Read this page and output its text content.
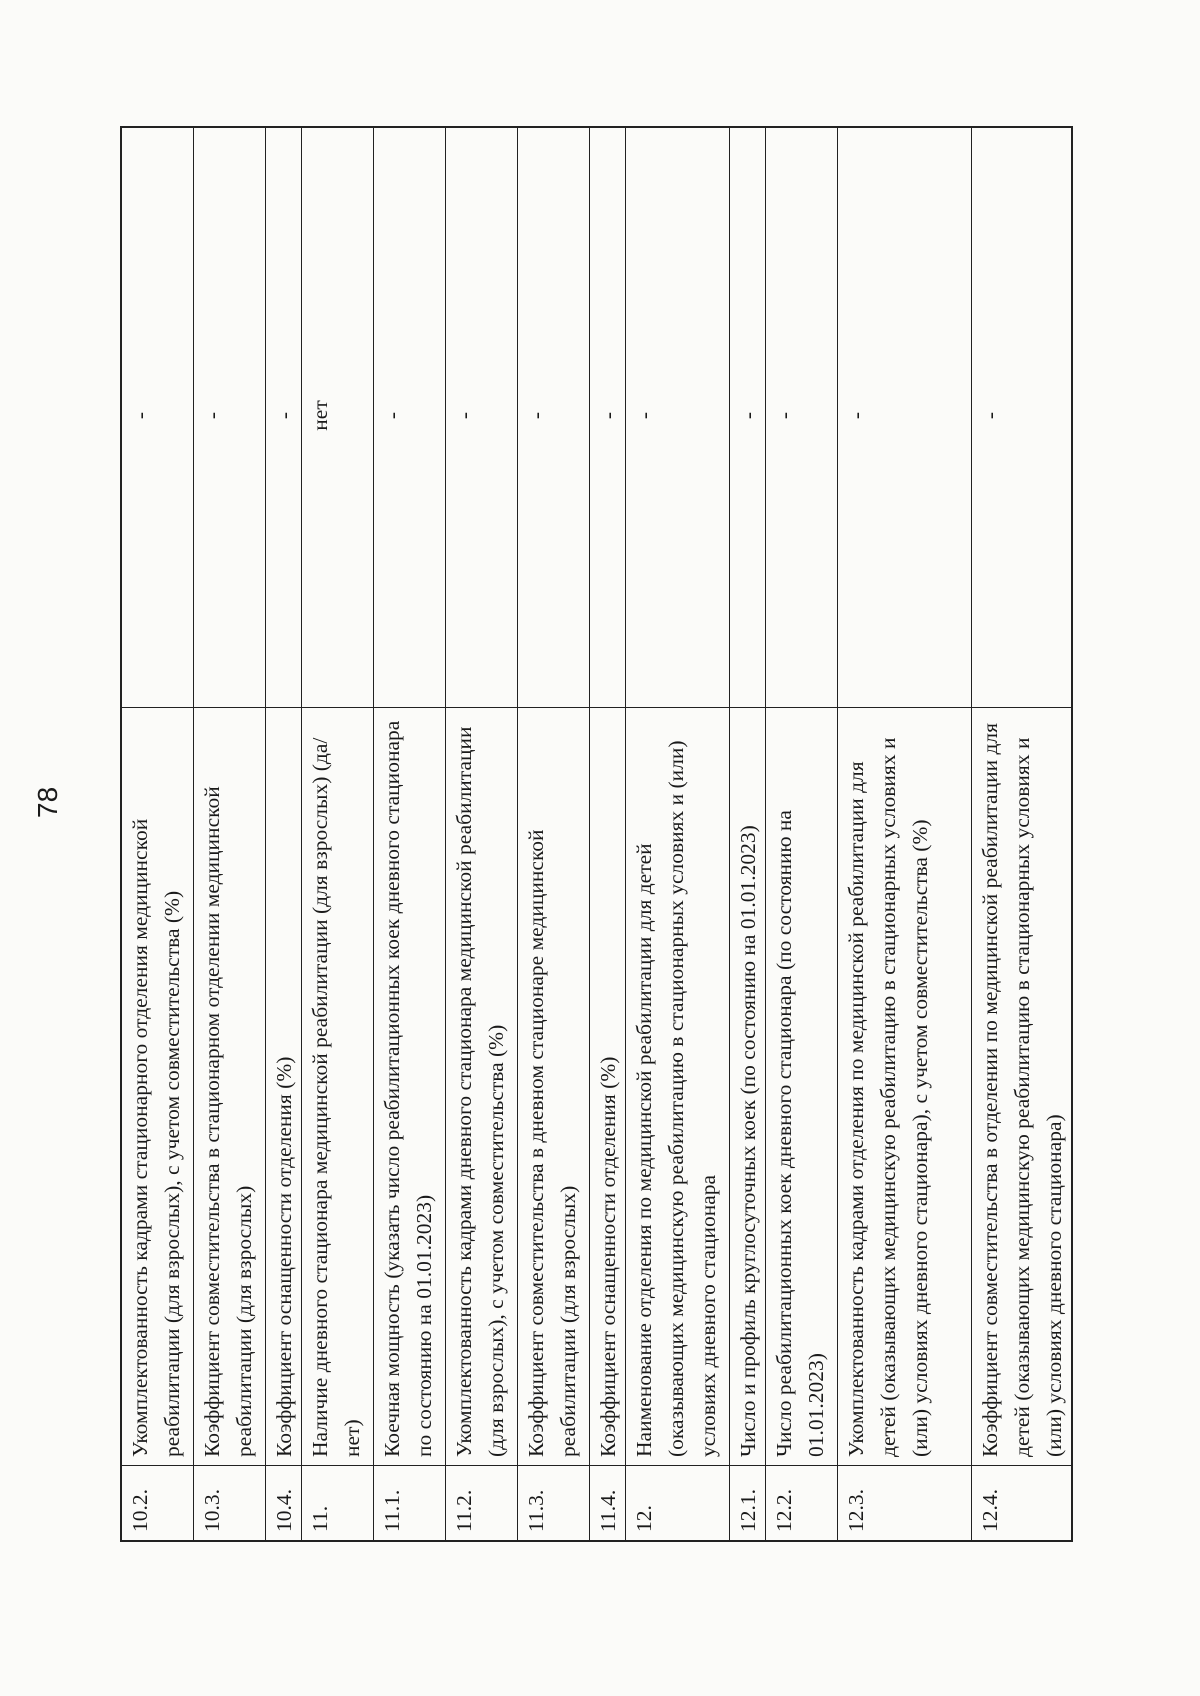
78
10.2.	Укомплектованность кадрами стационарного отделения медицинской реабилитации (для взрослых), с учетом совместительства (%)	-
10.3.	Коэффициент совместительства в стационарном отделении медицинской реабилитации (для взрослых)	-
10.4.	Коэффициент оснащенности отделения (%)	-
11.	Наличие дневного стационара медицинской реабилитации (для взрослых) (да/нет)	нет
11.1.	Коечная мощность (указать число реабилитационных коек дневного стационара по состоянию на 01.01.2023)	-
11.2.	Укомплектованность кадрами дневного стационара медицинской реабилитации (для взрослых), с учетом совместительства (%)	-
11.3.	Коэффициент совместительства в дневном стационаре медицинской реабилитации (для взрослых)	-
11.4.	Коэффициент оснащенности отделения (%)	-
12.	Наименование отделения по медицинской реабилитации для детей (оказывающих медицинскую реабилитацию в стационарных условиях и (или) условиях дневного стационара	-
12.1.	Число и профиль круглосуточных коек (по состоянию на 01.01.2023)	-
12.2.	Число реабилитационных коек дневного стационара (по состоянию на 01.01.2023)	-
12.3.	Укомплектованность кадрами отделения по медицинской реабилитации для детей (оказывающих медицинскую реабилитацию в стационарных условиях и (или) условиях дневного стационара), с учетом совместительства (%)	-
12.4.	Коэффициент совместительства в отделении по медицинской реабилитации для детей (оказывающих медицинскую реабилитацию в стационарных условиях и (или) условиях дневного стационара)	-
